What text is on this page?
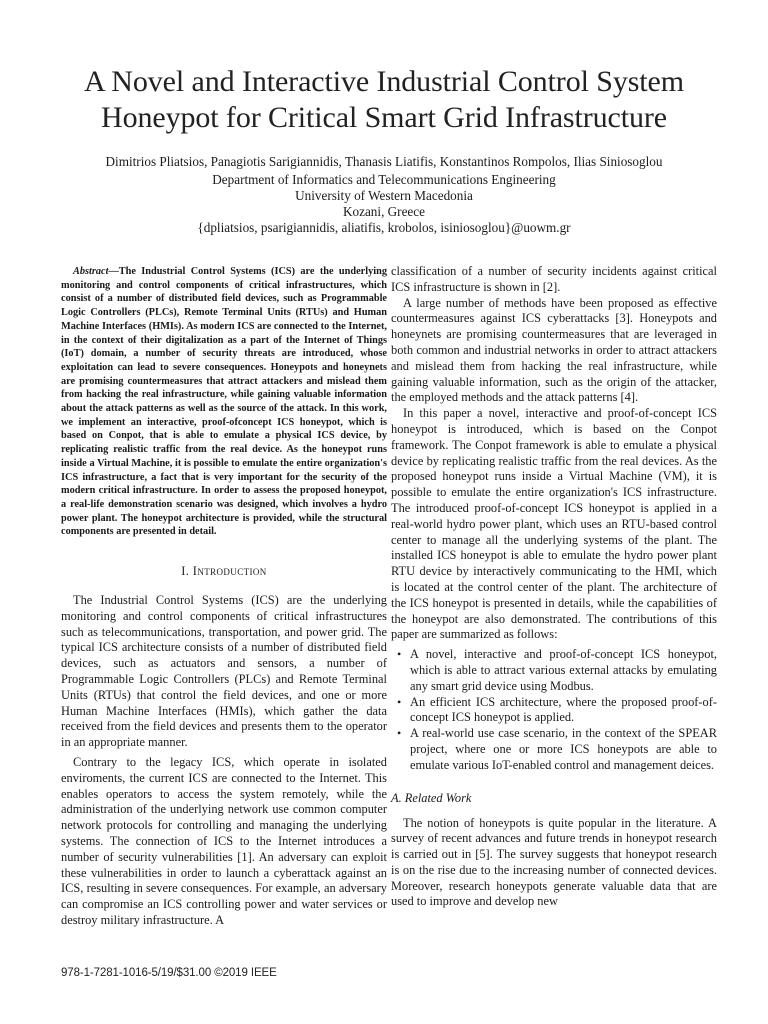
A Novel and Interactive Industrial Control System
Honeypot for Critical Smart Grid Infrastructure
Dimitrios Pliatsios, Panagiotis Sarigiannidis, Thanasis Liatifis, Konstantinos Rompolos, Ilias Siniosoglou
Department of Informatics and Telecommunications Engineering
University of Western Macedonia
Kozani, Greece
{dpliatsios, psarigiannidis, aliatifis, krobolos, isiniosoglou}@uowm.gr
Abstract—The Industrial Control Systems (ICS) are the underlying monitoring and control components of critical infrastructures, which consist of a number of distributed field devices, such as Programmable Logic Controllers (PLCs), Remote Terminal Units (RTUs) and Human Machine Interfaces (HMIs). As modern ICS are connected to the Internet, in the context of their digitalization as a part of the Internet of Things (IoT) domain, a number of security threats are introduced, whose exploitation can lead to severe consequences. Honeypots and honeynets are promising countermeasures that attract attackers and mislead them from hacking the real infrastructure, while gaining valuable information about the attack patterns as well as the source of the attack. In this work, we implement an interactive, proof-ofconcept ICS honeypot, which is based on Conpot, that is able to emulate a physical ICS device, by replicating realistic traffic from the real device. As the honeypot runs inside a Virtual Machine, it is possible to emulate the entire organization's ICS infrastructure, a fact that is very important for the security of the modern critical infrastructure. In order to assess the proposed honeypot, a real-life demonstration scenario was designed, which involves a hydro power plant. The honeypot architecture is provided, while the structural components are presented in detail.
I. Introduction

The Industrial Control Systems (ICS) are the underlying monitoring and control components of critical infrastructures such as telecommunications, transportation, and power grid. The typical ICS architecture consists of a number of distributed field devices, such as actuators and sensors, a number of Programmable Logic Controllers (PLCs) and Remote Terminal Units (RTUs) that control the field devices, and one or more Human Machine Interfaces (HMIs), which gather the data received from the field devices and presents them to the operator in an appropriate manner.

Contrary to the legacy ICS, which operate in isolated enviroments, the current ICS are connected to the Internet. This enables operators to access the system remotely, while the administration of the underlying network use common computer network protocols for controlling and managing the underlying systems. The connection of ICS to the Internet introduces a number of security vulnerabilities [1]. An adversary can exploit these vulnerabilities in order to launch a cyberattack against an ICS, resulting in severe consequences. For example, an adversary can compromise an ICS controlling power and water services or destroy military infrastructure. A

classification of a number of security incidents against critical ICS infrastructure is shown in [2].

A large number of methods have been proposed as effective countermeasures against ICS cyberattacks [3]. Honeypots and honeynets are promising countermeasures that are leveraged in both common and industrial networks in order to attract attackers and mislead them from hacking the real infrastructure, while gaining valuable information, such as the origin of the attacker, the employed methods and the attack patterns [4].

In this paper a novel, interactive and proof-of-concept ICS honeypot is introduced, which is based on the Conpot framework. The Conpot framework is able to emulate a physical device by replicating realistic traffic from the real devices. As the proposed honeypot runs inside a Virtual Machine (VM), it is possible to emulate the entire organization's ICS infrastructure. The introduced proof-of-concept ICS honeypot is applied in a real-world hydro power plant, which uses an RTU-based control center to manage all the underlying systems of the plant. The installed ICS honeypot is able to emulate the hydro power plant RTU device by interactively communicating to the HMI, which is located at the control center of the plant. The architecture of the ICS honeypot is presented in details, while the capabilities of the honeypot are also demonstrated. The contributions of this paper are summarized as follows:

• A novel, interactive and proof-of-concept ICS honeypot, which is able to attract various external attacks by emulating any smart grid device using Modbus.
• An efficient ICS architecture, where the proposed proof-of-concept ICS honeypot is applied.
• A real-world use case scenario, in the context of the SPEAR project, where one or more ICS honeypots are able to emulate various IoT-enabled control and management deices.
A. Related Work

The notion of honeypots is quite popular in the literature. A survey of recent advances and future trends in honeypot research is carried out in [5]. The survey suggests that honeypot research is on the rise due to the increasing number of connected devices. Moreover, research honeypots generate valuable data that are used to improve and develop new

978-1-7281-1016-5/19/$31.00 ©2019 IEEE
